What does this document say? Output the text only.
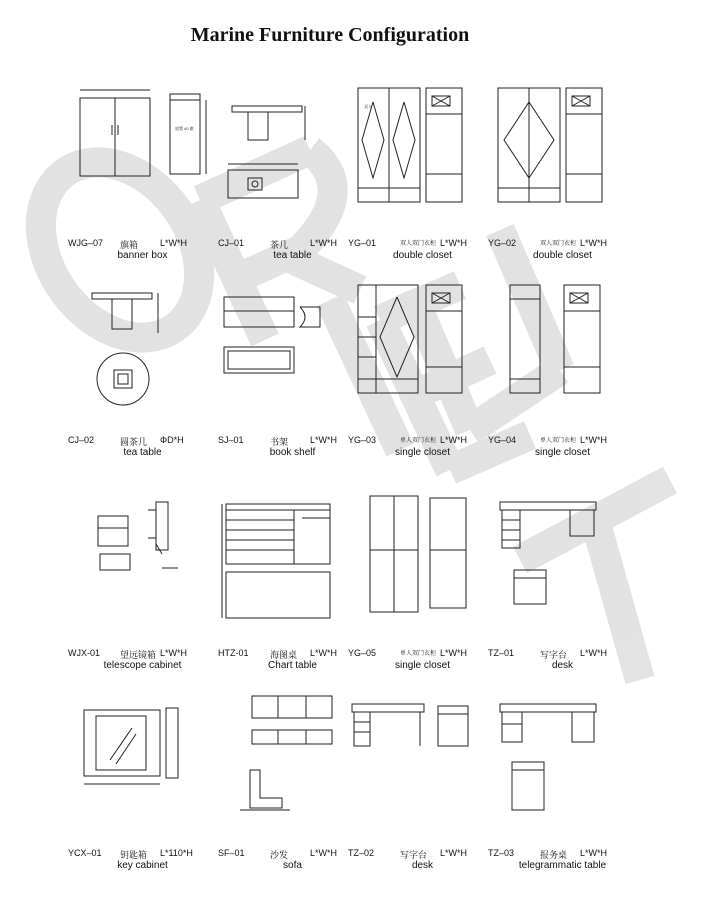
Marine Furniture Configuration
放置 40 旗
WJG–07 旗箱 L*W*H
banner box
CJ–01	茶几 L*W*H
tea table
双人
YG–01	双人双门衣柜 L*W*H
double closet
YG–02	双人双门衣柜 L*W*H
double closet
CJ–02	圆茶几 ΦD*H
tea table
SJ–01	书架 L*W*H
book shelf
YG–03	单人双门衣柜 L*W*H
single closet
YG–04	单人双门衣柜 L*W*H
single closet
WJX-01 望远镜箱 L*W*H
telescope cabinet
HTZ-01 海图桌 L*W*H
Chart table
YG–05	单人双门衣柜 L*W*H
single closet
TZ–01	写字台 L*W*H
desk
YCX–01 钥匙箱 L*110*H
key cabinet
SF–01	沙发 L*W*H
sofa
TZ–02	写字台 L*W*H
desk
TZ–03	报务桌 L*W*H
telegrammatic table
